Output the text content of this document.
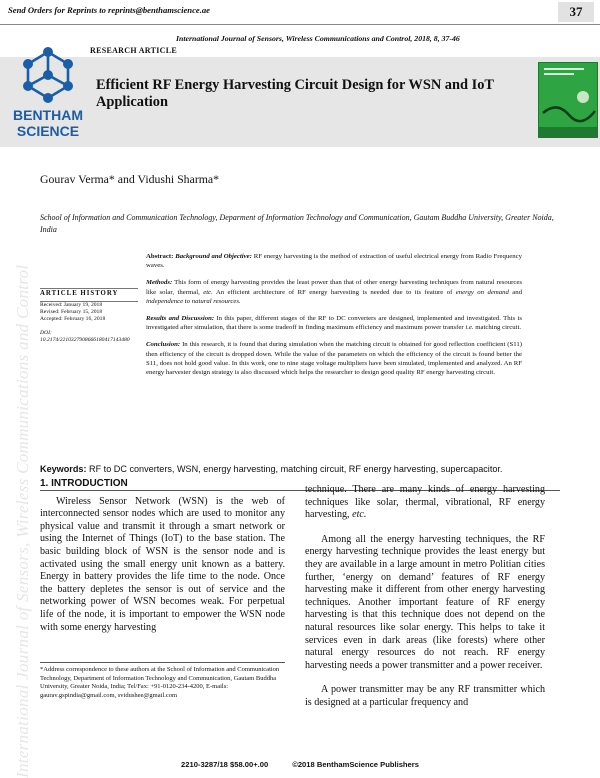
International Journal of Sensors, Wireless Communications and Control
Send Orders for Reprints to reprints@benthamscience.ae	37
International Journal of Sensors, Wireless Communications and Control, 2018, 8, 37-46
RESEARCH ARTICLE
BENTHAM
SCIENCE
Efficient RF Energy Harvesting Circuit Design for WSN and IoT Application
Gourav Verma* and Vidushi Sharma*
School of Information and Communication Technology, Deparment of Information Technology and Communication, Gautam Buddha University, Greater Noida, India
ARTICLE HISTORY
Received: January 19, 2018
Revised: February 15, 2018
Accepted: February 16, 2018
DOI:
10.2174/2210327908666180417143480

Abstract: Background and Objective: RF energy harvesting is the method of extraction of useful electrical energy from Radio Frequency waves.

Methods: This form of energy harvesting provides the least power than that of other energy harvesting techniques from natural resources like solar, thermal, etc. An efficient architecture of RF energy harvesting is needed due to its feature of energy on demand and independence to natural resources.

Results and Discussion: In this paper, different stages of the RF to DC converters are designed, implemented and investigated. This is investigated after simulation, that there is some tradeoff in finding maximum efficiency and maximum power transfer i.e. matching circuit.

Conclusion: In this research, it is found that during simulation when the matching circuit is obtained for good reflection coefficient (S11) then efficiency of the circuit is dropped down. While the value of the parameters on which the efficiency of the circuit is found better the S11, does not hold good value. In this work, one to nine stage voltage multipliers have been simulated, implemented and analyzed. An RF energy harvester design strategy is also discussed which helps the researcher to design good quality RF energy harvesting circuit.

Keywords: RF to DC converters, WSN, energy harvesting, matching circuit, RF energy harvesting, supercapacitor.
1. INTRODUCTION

Wireless Sensor Network (WSN) is the web of interconnected sensor nodes which are used to monitor any physical value and transmit it through a smart network or using the Internet of Things (IoT) to the base station. The basic building block of WSN is the sensor node and is activated using the small energy unit known as a battery. Energy in battery provides the life time to the node. Once the battery depletes the sensor is out of service and the networking power of WSN becomes weak. For perpetual life of the node, it is important to empower the WSN node with some energy harvesting

technique. There are many kinds of energy harvesting techniques like solar, thermal, vibrational, RF energy harvesting, etc.

Among all the energy harvesting techniques, the RF energy harvesting technique provides the least energy but they are available in a large amount in metro Politian cities further, ‘energy on demand’ features of RF energy harvesting make it different from other energy harvesting techniques. Another important feature of RF energy harvesting is that this technique does not depend on the natural resources like solar energy. This helps to take it services even in dark areas (like forests) where other natural energy resources do not reach. RF energy harvesting needs a power transmitter and a power receiver.

A power transmitter may be any RF transmitter which is designed at a particular frequency and

*Address correspondence to these authors at the School of Information and Communication Technology, Department of Information Technology and Communication, Gautam Buddha University, Greater Noida, India; Tel/Fax: +91-0120-234-4200, E-mails: gaurav.gspindia@gmail.com, svidushee@gmail.com
2210-3287/18 $58.00+.00	©2018 BenthamScience Publishers
